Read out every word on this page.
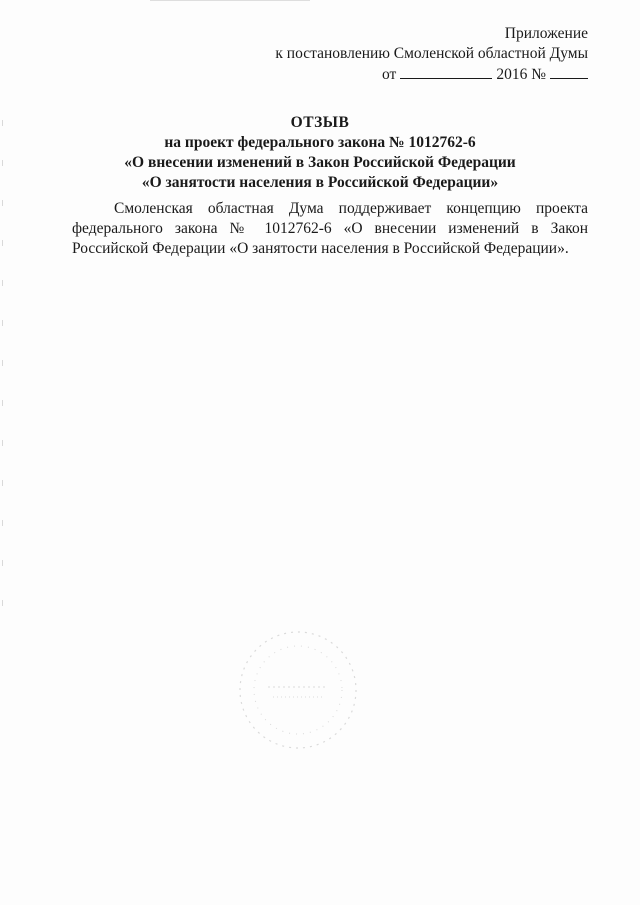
Приложение
к постановлению Смоленской областной Думы
от	2016 №
ОТЗЫВ
на проект федерального закона № 1012762-6
«О внесении изменений в Закон Российской Федерации
«О занятости населения в Российской Федерации»
Смоленская областная Дума поддерживает концепцию проекта федерального закона № 1012762-6 «О внесении изменений в Закон Российской Федерации «О занятости населения в Российской Федерации».
